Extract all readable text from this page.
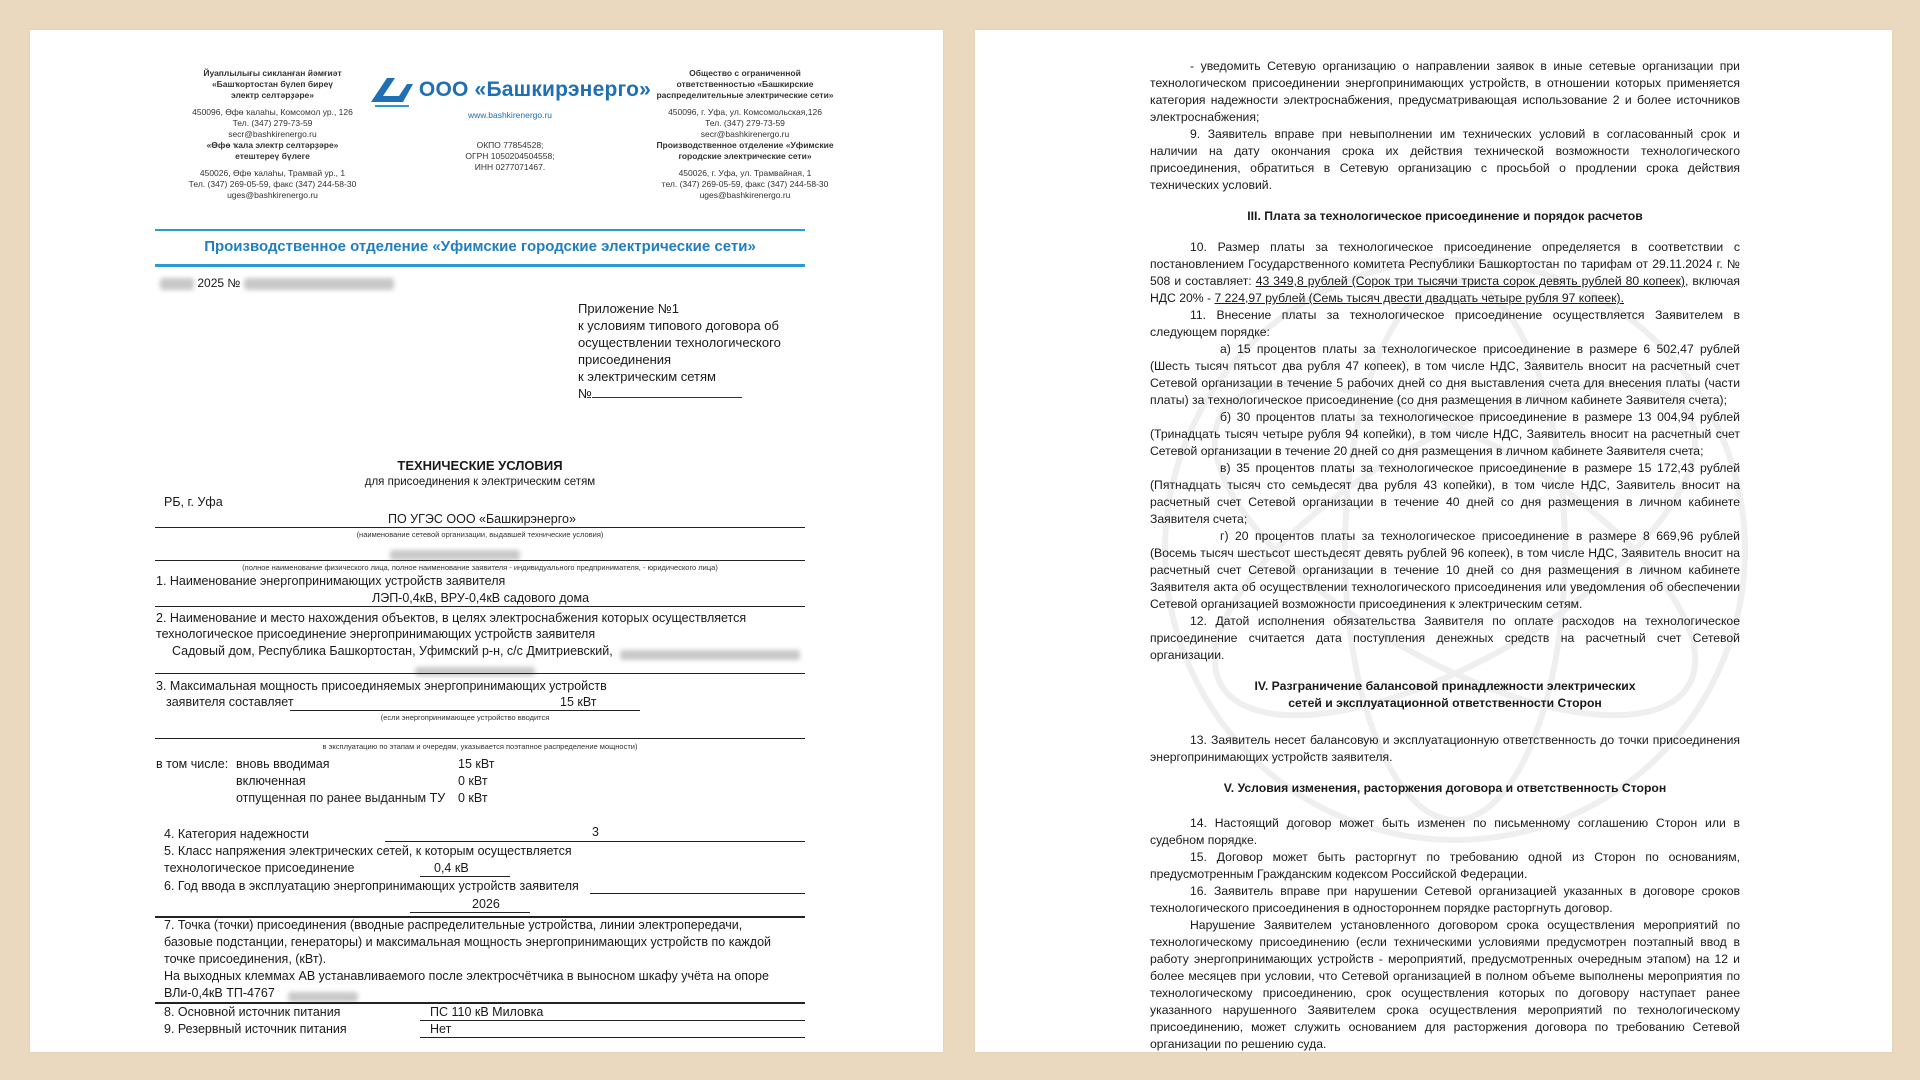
Йуаплылығы сикланған йәмғиәт
«Башҡортостан бүлеп биреү
электр селтәрҙәре»

450096, Өфө ҡалаһы, Комсомол ур., 126
Тел. (347) 279-73-59
secr@bashkirenergo.ru
«Өфө ҡала электр селтәрҙәре»
етештереү бүлеге

450026, Өфө ҡалаһы, Трамвай ур., 1
Тел. (347) 269-05-59, факс (347) 244-58-30
uges@bashkirenergo.ru
ООО «Башкирэнерго»
www.bashkirenergo.ru
ОКПО 77854528;
ОГРН 1050204504558;
ИНН 0277071467.
Общество с ограниченной
ответственностью «Башкирские
распределительные электрические сети»

450096, г. Уфа, ул. Комсомольская,126
Тел. (347) 279-73-59
secr@bashkirenergo.ru
Производственное отделение «Уфимские
городские электрические сети»

450026, г. Уфа, ул. Трамвайная, 1
тел. (347) 269-05-59, факс (347) 244-58-30
uges@bashkirenergo.ru
Производственное отделение «Уфимские городские электрические сети»
2025 №
Приложение №1
к условиям типового договора об
осуществлении технологического
присоединения
к электрическим сетям
№
ТЕХНИЧЕСКИЕ УСЛОВИЯ
для присоединения к электрическим сетям
РБ, г. Уфа
ПО УГЭС ООО «Башкирэнерго»
(наименование сетевой организации, выдавшей технические условия)
(полное наименование физического лица, полное наименование заявителя - индивидуального предпринимателя, - юридического лица)
1. Наименование энергопринимающих устройств заявителя
ЛЭП-0,4кВ, ВРУ-0,4кВ садового дома
2. Наименование и место нахождения объектов, в целях электроснабжения которых осуществляется
технологическое присоединение энергопринимающих устройств заявителя
Садовый дом, Республика Башкортостан, Уфимский р-н, с/с Дмитриевский,
3. Максимальная мощность присоединяемых энергопринимающих устройств
заявителя составляет	15 кВт
(если энергопринимающее устройство вводится
в эксплуатацию по этапам и очередям, указывается поэтапное распределение мощности)
в том числе: вновь вводимая	15 кВт
включенная	0 кВт
отпущенная по ранее выданным ТУ 0 кВт
4. Категория надежности	3
5. Класс напряжения электрических сетей, к которым осуществляется
технологическое присоединение	0,4 кВ
6. Год ввода в эксплуатацию энергопринимающих устройств заявителя
2026
7. Точка (точки) присоединения (вводные распределительные устройства, линии электропередачи,
базовые подстанции, генераторы) и максимальная мощность энергопринимающих устройств по каждой
точке присоединения, (кВт).
На выходных клеммах АВ устанавливаемого после электросчётчика в выносном шкафу учёта на опоре
ВЛи-0,4кВ ТП-4767
8. Основной источник питания	ПС 110 кВ Миловка
9. Резервный источник питания	Нет

- уведомить Сетевую организацию о направлении заявок в иные сетевые организации при технологическом присоединении энергопринимающих устройств, в отношении которых применяется категория надежности электроснабжения, предусматривающая использование 2 и более источников электроснабжения;

9. Заявитель вправе при невыполнении им технических условий в согласованный срок и наличии на дату окончания срока их действия технической возможности технологического присоединения, обратиться в Сетевую организацию с просьбой о продлении срока действия технических условий.

III. Плата за технологическое присоединение и порядок расчетов

10. Размер платы за технологическое присоединение определяется в соответствии с постановлением Государственного комитета Республики Башкортостан по тарифам от 29.11.2024 г. № 508 и составляет: 43 349,8 рублей (Сорок три тысячи триста сорок девять рублей 80 копеек), включая НДС 20% - 7 224,97 рублей (Семь тысяч двести двадцать четыре рубля 97 копеек).

11. Внесение платы за технологическое присоединение осуществляется Заявителем в следующем порядке:

а) 15 процентов платы за технологическое присоединение в размере 6 502,47 рублей (Шесть тысяч пятьсот два рубля 47 копеек), в том числе НДС, Заявитель вносит на расчетный счет Сетевой организации в течение 5 рабочих дней со дня выставления счета для внесения платы (части платы) за технологическое присоединение (со дня размещения в личном кабинете Заявителя счета);

б) 30 процентов платы за технологическое присоединение в размере 13 004,94 рублей (Тринадцать тысяч четыре рубля 94 копейки), в том числе НДС, Заявитель вносит на расчетный счет Сетевой организации в течение 20 дней со дня размещения в личном кабинете Заявителя счета;

в) 35 процентов платы за технологическое присоединение в размере 15 172,43 рублей (Пятнадцать тысяч сто семьдесят два рубля 43 копейки), в том числе НДС, Заявитель вносит на расчетный счет Сетевой организации в течение 40 дней со дня размещения в личном кабинете Заявителя счета;

г) 20 процентов платы за технологическое присоединение в размере 8 669,96 рублей (Восемь тысяч шестьсот шестьдесят девять рублей 96 копеек), в том числе НДС, Заявитель вносит на расчетный счет Сетевой организации в течение 10 дней со дня размещения в личном кабинете Заявителя акта об осуществлении технологического присоединения или уведомления об обеспечении Сетевой организацией возможности присоединения к электрическим сетям.

12. Датой исполнения обязательства Заявителя по оплате расходов на технологическое присоединение считается дата поступления денежных средств на расчетный счет Сетевой организации.

IV. Разграничение балансовой принадлежности электрических
сетей и эксплуатационной ответственности Сторон

13. Заявитель несет балансовую и эксплуатационную ответственность до точки присоединения энергопринимающих устройств заявителя.

V. Условия изменения, расторжения договора и ответственность Сторон

14. Настоящий договор может быть изменен по письменному соглашению Сторон или в судебном порядке.

15. Договор может быть расторгнут по требованию одной из Сторон по основаниям, предусмотренным Гражданским кодексом Российской Федерации.

16. Заявитель вправе при нарушении Сетевой организацией указанных в договоре сроков технологического присоединения в одностороннем порядке расторгнуть договор.

Нарушение Заявителем установленного договором срока осуществления мероприятий по технологическому присоединению (если техническими условиями предусмотрен поэтапный ввод в работу энергопринимающих устройств - мероприятий, предусмотренных очередным этапом) на 12 и более месяцев при условии, что Сетевой организацией в полном объеме выполнены мероприятия по технологическому присоединению, срок осуществления которых по договору наступает ранее указанного нарушенного Заявителем срока осуществления мероприятий по технологическому присоединению, может служить основанием для расторжения договора по требованию Сетевой организации по решению суда.
